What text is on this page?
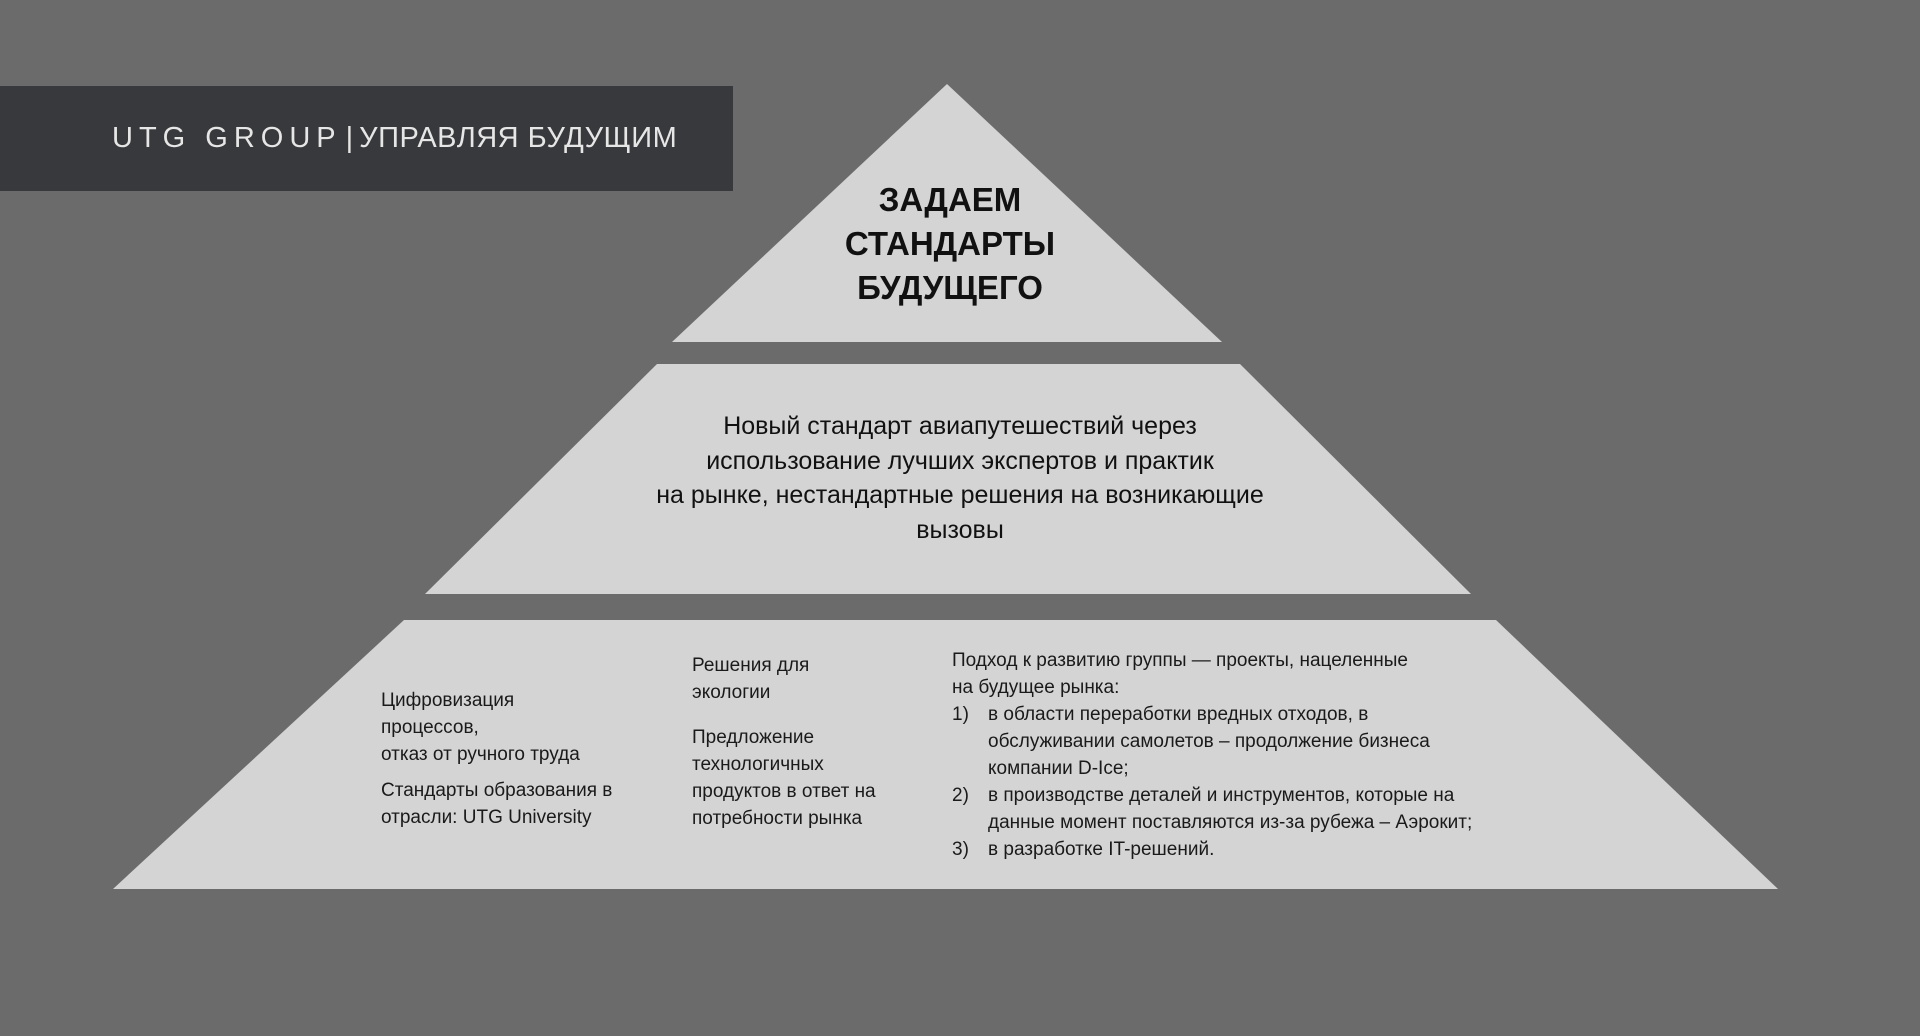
UTG GROUP | УПРАВЛЯЯ БУДУЩИМ
ЗАДАЕМ
СТАНДАРТЫ
БУДУЩЕГО
Новый стандарт авиапутешествий через
использование лучших экспертов и практик
на рынке, нестандартные решения на возникающие
вызовы

Цифровизация
процессов,
отказ от ручного труда

Стандарты образования в
отрасли: UTG University

Решения для
экологии

Предложение
технологичных
продуктов в ответ на
потребности рынка

Подход к развитию группы — проекты, нацеленные
на будущее рынка:

1)	в области переработки вредных отходов, в
обслуживании самолетов – продолжение бизнеса
компании D-Ice;
2)	в производстве деталей и инструментов, которые на
данные момент поставляются из-за рубежа – Аэрокит;
3)	в разработке IT-решений.
